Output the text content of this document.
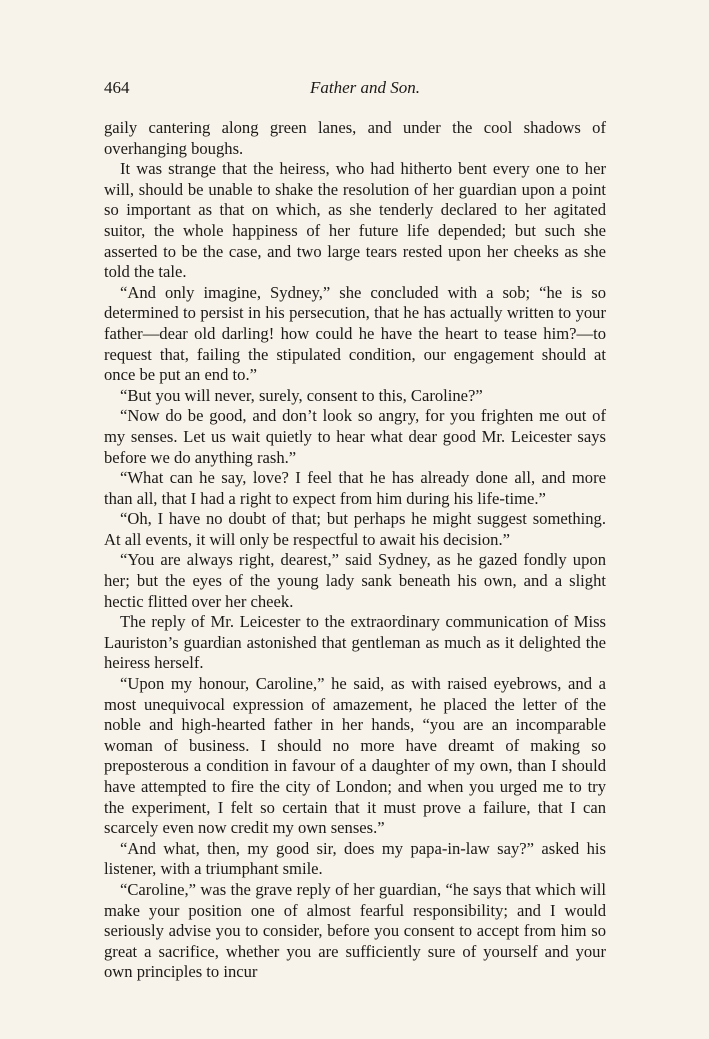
464	Father and Son.

gaily cantering along green lanes, and under the cool shadows of overhanging boughs.

It was strange that the heiress, who had hitherto bent every one to her will, should be unable to shake the resolution of her guardian upon a point so important as that on which, as she tenderly declared to her agitated suitor, the whole happiness of her future life depended; but such she asserted to be the case, and two large tears rested upon her cheeks as she told the tale.

“And only imagine, Sydney,” she concluded with a sob; “he is so determined to persist in his persecution, that he has actually written to your father—dear old darling! how could he have the heart to tease him?—to request that, failing the stipulated condition, our engagement should at once be put an end to.”

“But you will never, surely, consent to this, Caroline?”

“Now do be good, and don’t look so angry, for you frighten me out of my senses. Let us wait quietly to hear what dear good Mr. Leicester says before we do anything rash.”

“What can he say, love? I feel that he has already done all, and more than all, that I had a right to expect from him during his life-time.”

“Oh, I have no doubt of that; but perhaps he might suggest something. At all events, it will only be respectful to await his decision.”

“You are always right, dearest,” said Sydney, as he gazed fondly upon her; but the eyes of the young lady sank beneath his own, and a slight hectic flitted over her cheek.

The reply of Mr. Leicester to the extraordinary communication of Miss Lauriston’s guardian astonished that gentleman as much as it delighted the heiress herself.

“Upon my honour, Caroline,” he said, as with raised eyebrows, and a most unequivocal expression of amazement, he placed the letter of the noble and high-hearted father in her hands, “you are an incomparable woman of business. I should no more have dreamt of making so preposterous a condition in favour of a daughter of my own, than I should have attempted to fire the city of London; and when you urged me to try the experiment, I felt so certain that it must prove a failure, that I can scarcely even now credit my own senses.”

“And what, then, my good sir, does my papa-in-law say?” asked his listener, with a triumphant smile.

“Caroline,” was the grave reply of her guardian, “he says that which will make your position one of almost fearful responsibility; and I would seriously advise you to consider, before you consent to accept from him so great a sacrifice, whether you are sufficiently sure of yourself and your own principles to incur
